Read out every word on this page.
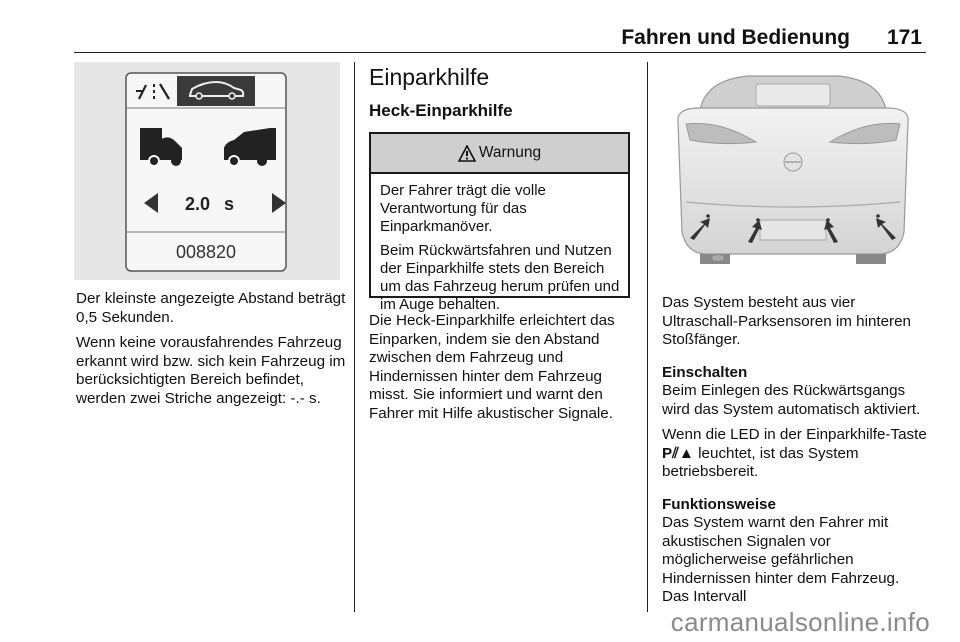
Fahren und Bedienung 171
2.0 s
008820

Der kleinste angezeigte Abstand beträgt 0,5 Sekunden.

Wenn keine vorausfahrendes Fahrzeug erkannt wird bzw. sich kein Fahrzeug im berücksichtigten Bereich befindet, werden zwei Striche angezeigt: -.- s.

Einparkhilfe
Heck-Einparkhilfe
Warnung

Der Fahrer trägt die volle Verantwortung für das Einparkmanöver.

Beim Rückwärtsfahren und Nutzen der Einparkhilfe stets den Bereich um das Fahrzeug herum prüfen und im Auge behalten.

Die Heck-Einparkhilfe erleichtert das Einparken, indem sie den Abstand zwischen dem Fahrzeug und Hindernissen hinter dem Fahrzeug misst. Sie informiert und warnt den Fahrer mit Hilfe akustischer Signale.

Das System besteht aus vier Ultraschall-Parksensoren im hinteren Stoßfänger.

Einschalten

Beim Einlegen des Rückwärtsgangs wird das System automatisch aktiviert.

Wenn die LED in der Einparkhilfe-Taste P⫽▲ leuchtet, ist das System betriebsbereit.

Funktionsweise

Das System warnt den Fahrer mit akustischen Signalen vor möglicherweise gefährlichen Hindernissen hinter dem Fahrzeug. Das Intervall

carmanualsonline.info
